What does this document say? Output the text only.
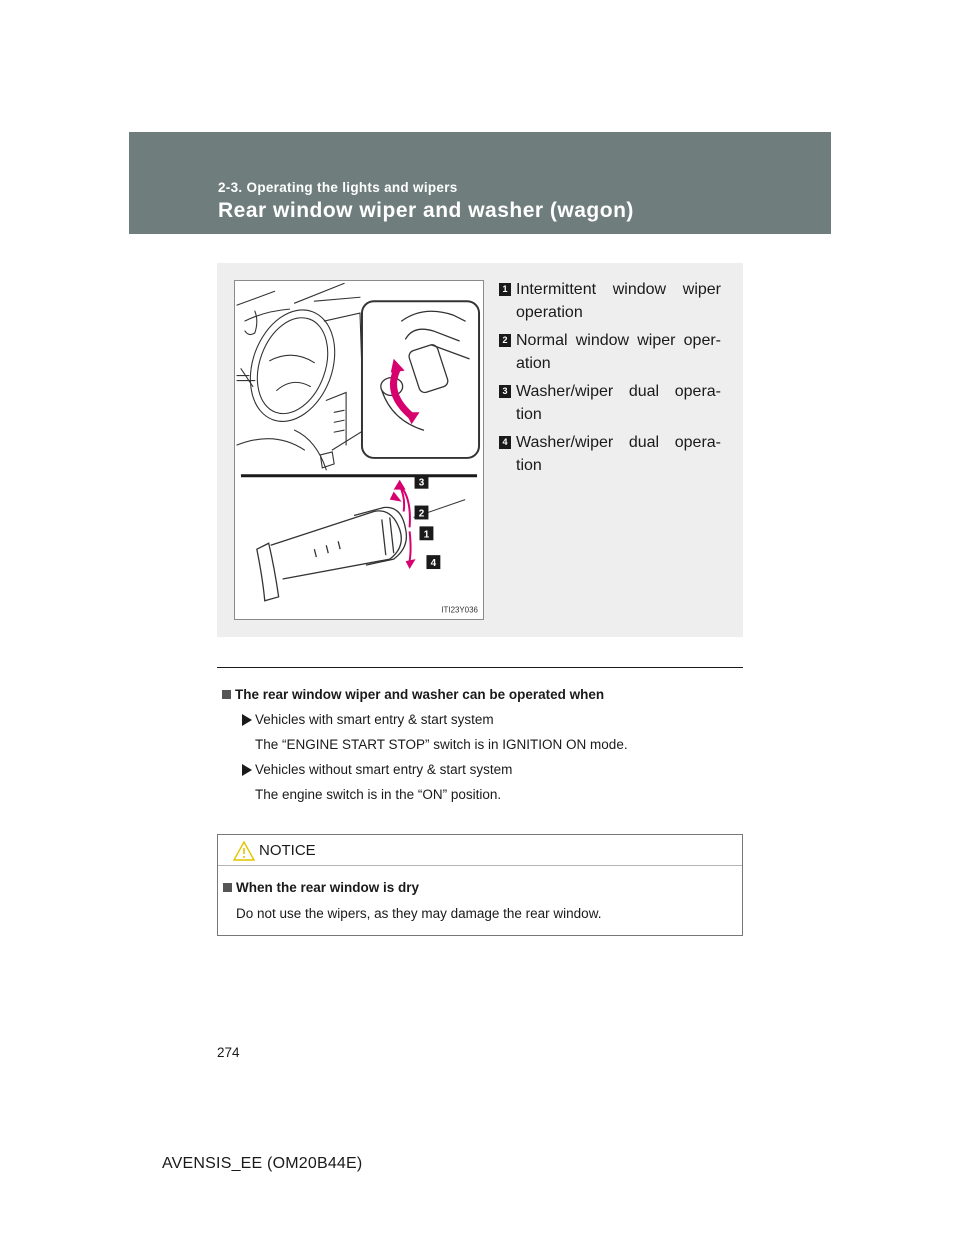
2-3. Operating the lights and wipers
Rear window wiper and washer (wagon)
3
2
1
4
ITI23Y036
1 Intermittent window wiper operation
2 Normal window wiper oper-ation
3 Washer/wiper dual opera-tion
4 Washer/wiper dual opera-tion
The rear window wiper and washer can be operated when
Vehicles with smart entry & start system
The “ENGINE START STOP” switch is in IGNITION ON mode.
Vehicles without smart entry & start system
The engine switch is in the “ON” position.
NOTICE
When the rear window is dry
Do not use the wipers, as they may damage the rear window.
274
AVENSIS_EE (OM20B44E)
